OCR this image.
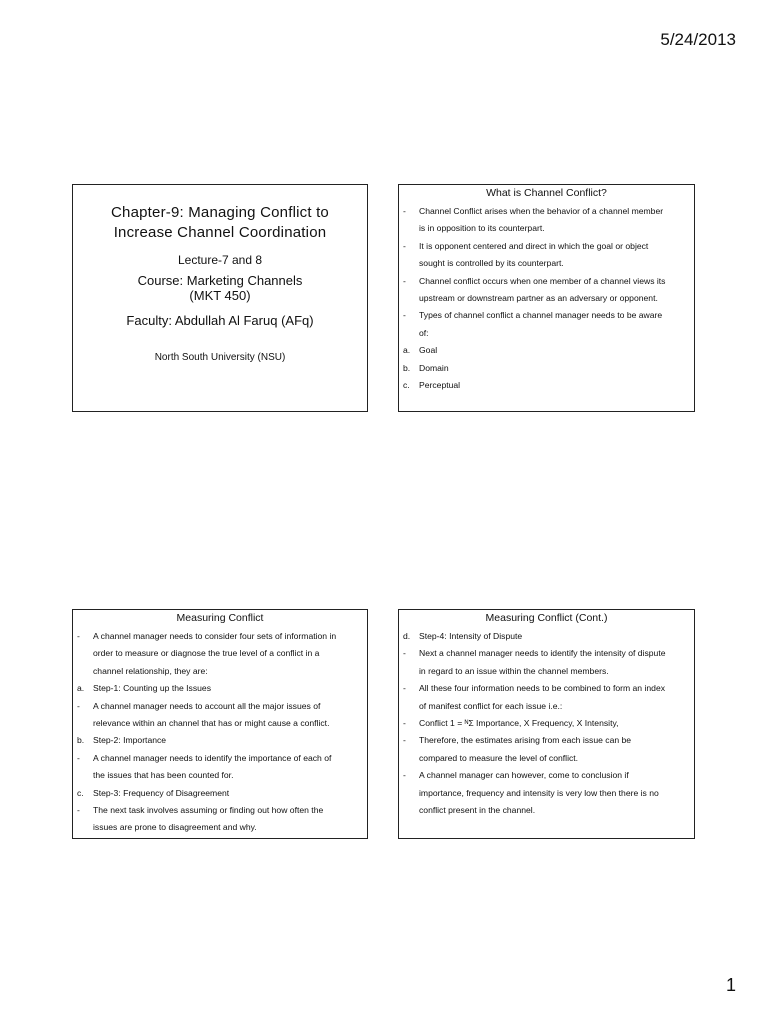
5/24/2013
Chapter-9: Managing Conflict to
Increase Channel Coordination
Lecture-7 and 8
Course: Marketing Channels
(MKT 450)
Faculty: Abdullah Al Faruq (AFq)
North South University (NSU)
What is Channel Conflict?
-	Channel Conflict arises when the behavior of a channel member
is in opposition to its counterpart.
-	It is opponent centered and direct in which the goal or object
sought is controlled by its counterpart.
-	Channel conflict occurs when one member of a channel views its
upstream or downstream partner as an adversary or opponent.
-	Types of channel conflict a channel manager needs to be aware
of:
a.	Goal
b.	Domain
c.	Perceptual
Measuring Conflict
-	A channel manager needs to consider four sets of information in
order to measure or diagnose the true level of a conflict in a
channel relationship, they are:
a.	Step-1: Counting up the Issues
-	A channel manager needs to account all the major issues of
relevance within an channel that has or might cause a conflict.
b.	Step-2: Importance
-	A channel manager needs to identify the importance of each of
the issues that has been counted for.
c.	Step-3: Frequency of Disagreement
-	The next task involves assuming or finding out how often the
issues are prone to disagreement and why.
Measuring Conflict (Cont.)
d.	Step-4: Intensity of Dispute
-	Next a channel manager needs to identify the intensity of dispute
in regard to an issue within the channel members.
-	All these four information needs to be combined to form an index
of manifest conflict for each issue i.e.:
-	Conflict 1 = ᴺΣ Importance, X Frequency, X Intensity,
-	Therefore, the estimates arising from each issue can be
compared to measure the level of conflict.
-	A channel manager can however, come to conclusion if
importance, frequency and intensity is very low then there is no
conflict present in the channel.
1
